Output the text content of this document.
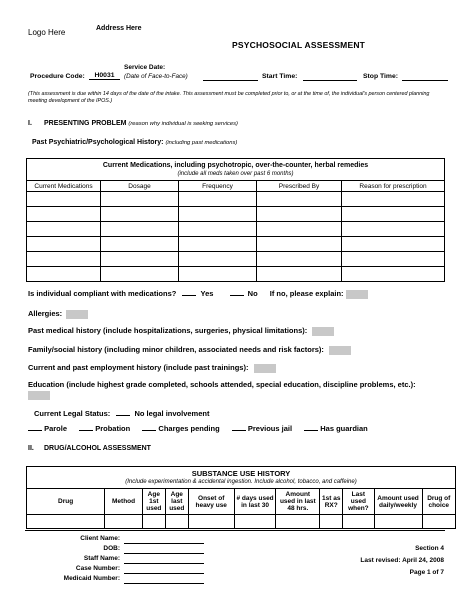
Logo Here	Address Here
PSYCHOSOCIAL ASSESSMENT
Service Date:
Procedure Code:	H0031	(Date of Face-to-Face)	Start Time:	Stop Time:
(This assessment is due within 14 days of the date of the intake. This assessment must be completed prior to, or at the time of, the individual's person centered planning meeting development of the IPOS.)
I. PRESENTING PROBLEM (reason why individual is seeking services)
Past Psychiatric/Psychological History: (including past medications)
Current Medications, including psychotropic, over-the-counter, herbal remedies
(include all meds taken over past 6 months)				

Current Medications	Dosage	Frequency	Prescribed By	Reason for prescription

Is individual compliant with medications?	Yes	No If no, please explain:
Allergies:
Past medical history (include hospitalizations, surgeries, physical limitations):
Family/social history (including minor children, associated needs and risk factors):
Current and past employment history (include past trainings):
Education (include highest grade completed, schools attended, special education, discipline problems, etc.):
Current Legal Status:	No legal involvement
Parole	Probation	Charges pending	Previous jail	Has guardian
II. DRUG/ALCOHOL ASSESSMENT
SUBSTANCE USE HISTORY
(Include experimentation & accidental ingestion. Include alcohol, tobacco, and caffeine)										

Drug	Method	Age 1st used	Age last used	Onset of heavy use	# days used in last 30	Amount used in last 48 hrs.	1st as RX?	Last used when?	Amount used daily/weekly	Drug of choice

Client Name:
DOB:
Staff Name:
Case Number:
Medicaid Number:
Section 4
Last revised: April 24, 2008
Page 1 of 7
